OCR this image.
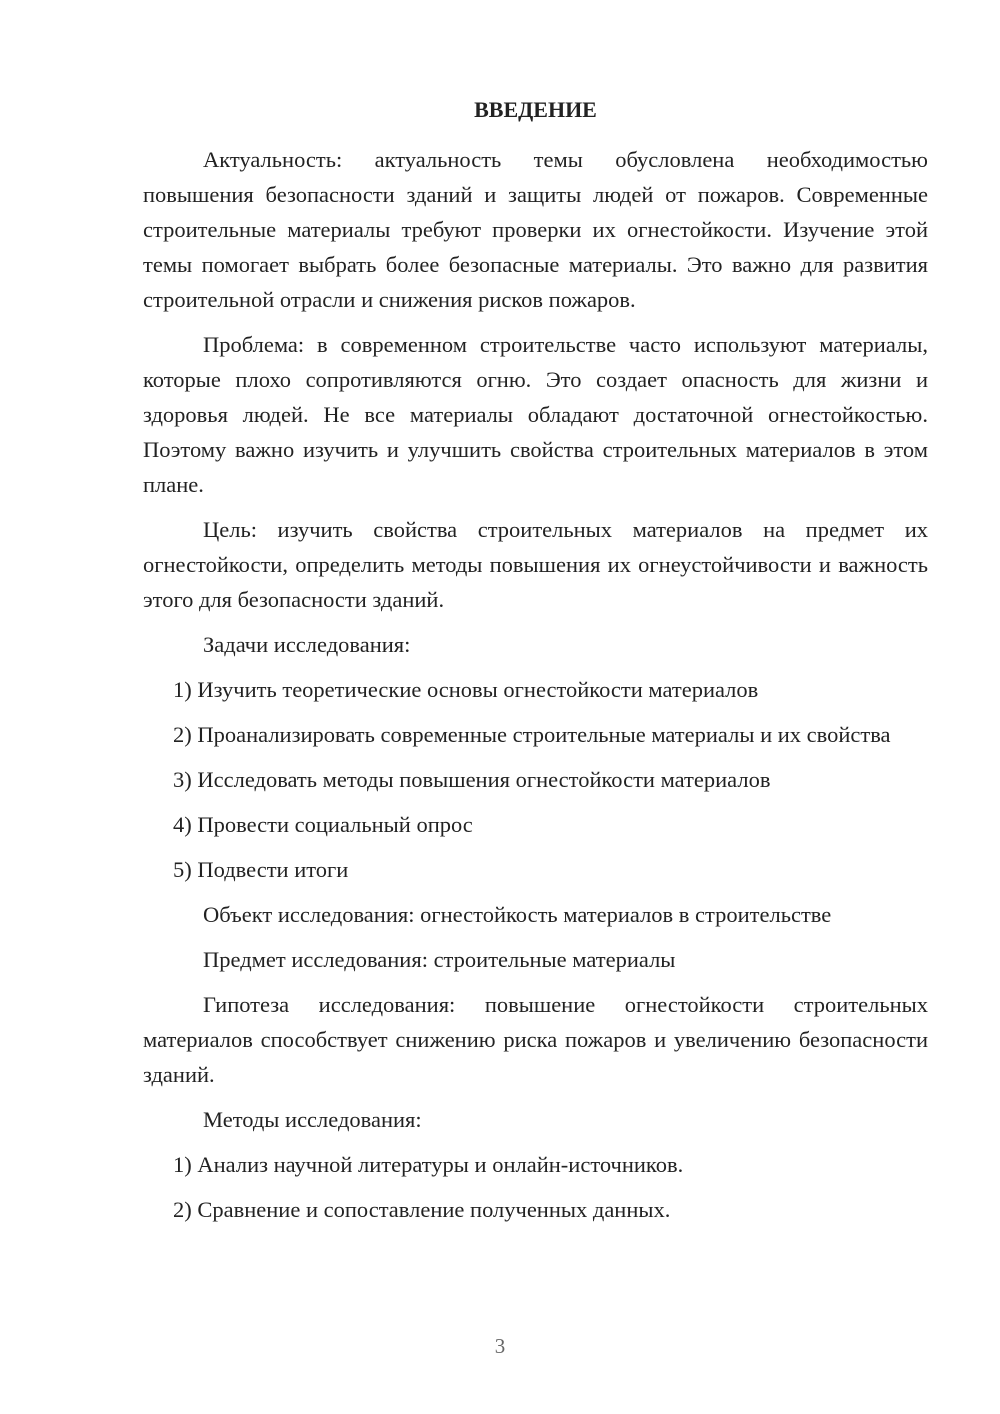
ВВЕДЕНИЕ

Актуальность: актуальность темы обусловлена необходимостью повышения безопасности зданий и защиты людей от пожаров. Современные строительные материалы требуют проверки их огнестойкости. Изучение этой темы помогает выбрать более безопасные материалы. Это важно для развития строительной отрасли и снижения рисков пожаров.

Проблема: в современном строительстве часто используют материалы, которые плохо сопротивляются огню. Это создает опасность для жизни и здоровья людей. Не все материалы обладают достаточной огнестойкостью. Поэтому важно изучить и улучшить свойства строительных материалов в этом плане.

Цель: изучить свойства строительных материалов на предмет их огнестойкости, определить методы повышения их огнеустойчивости и важность этого для безопасности зданий.

Задачи исследования:

1) Изучить теоретические основы огнестойкости материалов

2) Проанализировать современные строительные материалы и их свойства

3) Исследовать методы повышения огнестойкости материалов

4) Провести социальный опрос

5) Подвести итоги

Объект исследования: огнестойкость материалов в строительстве

Предмет исследования: строительные материалы

Гипотеза исследования: повышение огнестойкости строительных материалов способствует снижению риска пожаров и увеличению безопасности зданий.

Методы исследования:

1) Анализ научной литературы и онлайн-источников.

2) Сравнение и сопоставление полученных данных.

3
